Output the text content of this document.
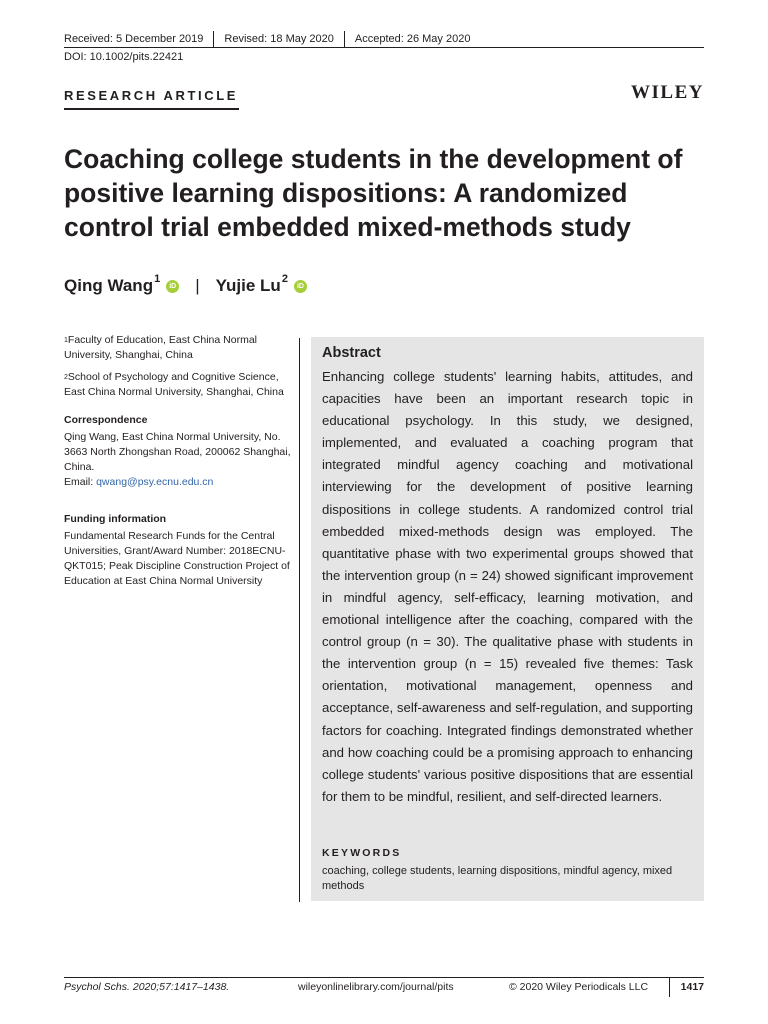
Received: 5 December 2019 Revised: 18 May 2020 Accepted: 26 May 2020
DOI: 10.1002/pits.22421
RESEARCH ARTICLE	WILEY
Coaching college students in the development of positive learning dispositions: A randomized control trial embedded mixed-methods study
Qing Wang$^1$
iD | Yujie Lu$^2$
iD

$^1$Faculty of Education, East China Normal University, Shanghai, China

$^2$School of Psychology and Cognitive Science, East China Normal University, Shanghai, China

Correspondence

Qing Wang, East China Normal University, No. 3663 North Zhongshan Road, 200062 Shanghai, China.

Email: qwang@psy.ecnu.edu.cn

Funding information

Fundamental Research Funds for the Central Universities, Grant/Award Number: 2018ECNU-QKT015; Peak Discipline Construction Project of Education at East China Normal University

Abstract

Enhancing college students' learning habits, attitudes, and capacities have been an important research topic in educational psychology. In this study, we designed, implemented, and evaluated a coaching program that integrated mindful agency coaching and motivational interviewing for the development of positive learning dispositions in college students. A randomized control trial embedded mixed-methods design was employed. The quantitative phase with two experimental groups showed that the intervention group (n = 24) showed significant improvement in mindful agency, self-efficacy, learning motivation, and emotional intelligence after the coaching, compared with the control group (n = 30). The qualitative phase with students in the intervention group (n = 15) revealed five themes: Task orientation, motivational management, openness and acceptance, self-awareness and self-regulation, and supporting factors for coaching. Integrated findings demonstrated whether and how coaching could be a promising approach to enhancing college students' various positive dispositions that are essential for them to be mindful, resilient, and self-directed learners.

KEYWORDS
coaching, college students, learning dispositions, mindful agency, mixed methods
Psychol Schs. 2020;57:1417–1438.	wileyonlinelibrary.com/journal/pits	© 2020 Wiley Periodicals LLC	1417
